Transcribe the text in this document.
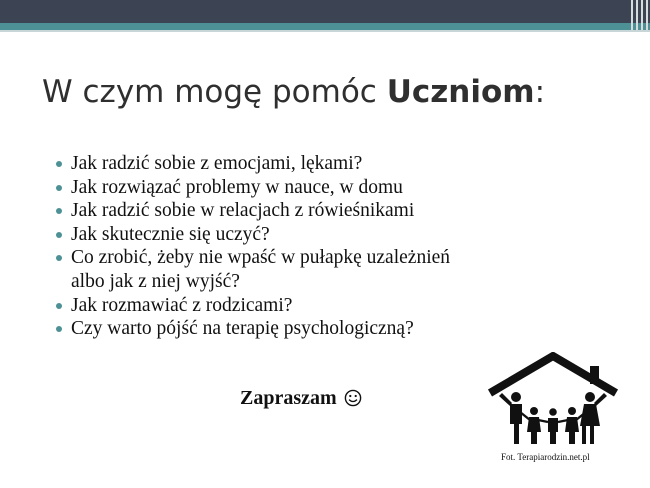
W czym mogę pomóc Uczniom:
Jak radzić sobie z emocjami, lękami?
Jak rozwiązać problemy w nauce, w domu
Jak radzić sobie w relacjach z rówieśnikami
Jak skutecznie się uczyć?
Co zrobić, żeby nie wpaść w pułapkę uzależnień
albo jak z niej wyjść?
Jak rozmawiać z rodzicami?
Czy warto pójść na terapię psychologiczną?
Zapraszam
Fot. Terapiarodzin.net.pl
